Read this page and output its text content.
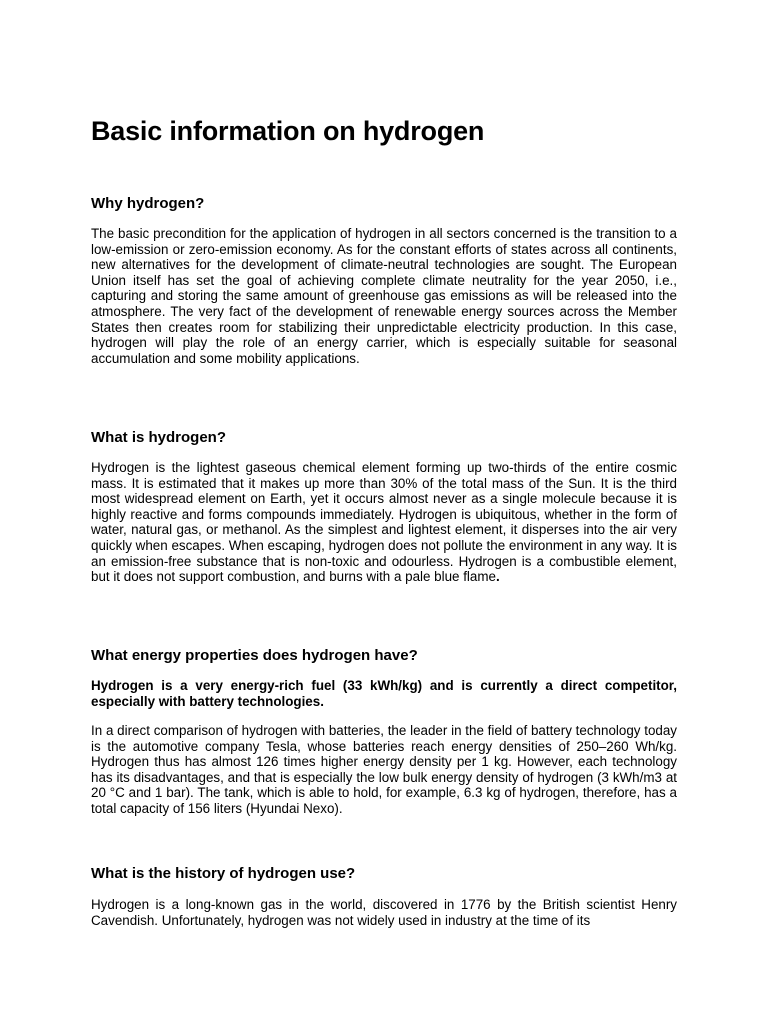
Basic information on hydrogen
Why hydrogen?

The basic precondition for the application of hydrogen in all sectors concerned is the transition to a low-emission or zero-emission economy. As for the constant efforts of states across all continents, new alternatives for the development of climate-neutral technologies are sought. The European Union itself has set the goal of achieving complete climate neutrality for the year 2050, i.e., capturing and storing the same amount of greenhouse gas emissions as will be released into the atmosphere. The very fact of the development of renewable energy sources across the Member States then creates room for stabilizing their unpredictable electricity production. In this case, hydrogen will play the role of an energy carrier, which is especially suitable for seasonal accumulation and some mobility applications.

What is hydrogen?

Hydrogen is the lightest gaseous chemical element forming up two-thirds of the entire cosmic mass. It is estimated that it makes up more than 30% of the total mass of the Sun. It is the third most widespread element on Earth, yet it occurs almost never as a single molecule because it is highly reactive and forms compounds immediately. Hydrogen is ubiquitous, whether in the form of water, natural gas, or methanol. As the simplest and lightest element, it disperses into the air very quickly when escapes. When escaping, hydrogen does not pollute the environment in any way. It is an emission-free substance that is non-toxic and odourless. Hydrogen is a combustible element, but it does not support combustion, and burns with a pale blue flame.

What energy properties does hydrogen have?

Hydrogen is a very energy-rich fuel (33 kWh/kg) and is currently a direct competitor, especially with battery technologies.

In a direct comparison of hydrogen with batteries, the leader in the field of battery technology today is the automotive company Tesla, whose batteries reach energy densities of 250–260 Wh/kg. Hydrogen thus has almost 126 times higher energy density per 1 kg. However, each technology has its disadvantages, and that is especially the low bulk energy density of hydrogen (3 kWh/m3 at 20 °C and 1 bar). The tank, which is able to hold, for example, 6.3 kg of hydrogen, therefore, has a total capacity of 156 liters (Hyundai Nexo).

What is the history of hydrogen use?

Hydrogen is a long-known gas in the world, discovered in 1776 by the British scientist Henry Cavendish. Unfortunately, hydrogen was not widely used in industry at the time of its
